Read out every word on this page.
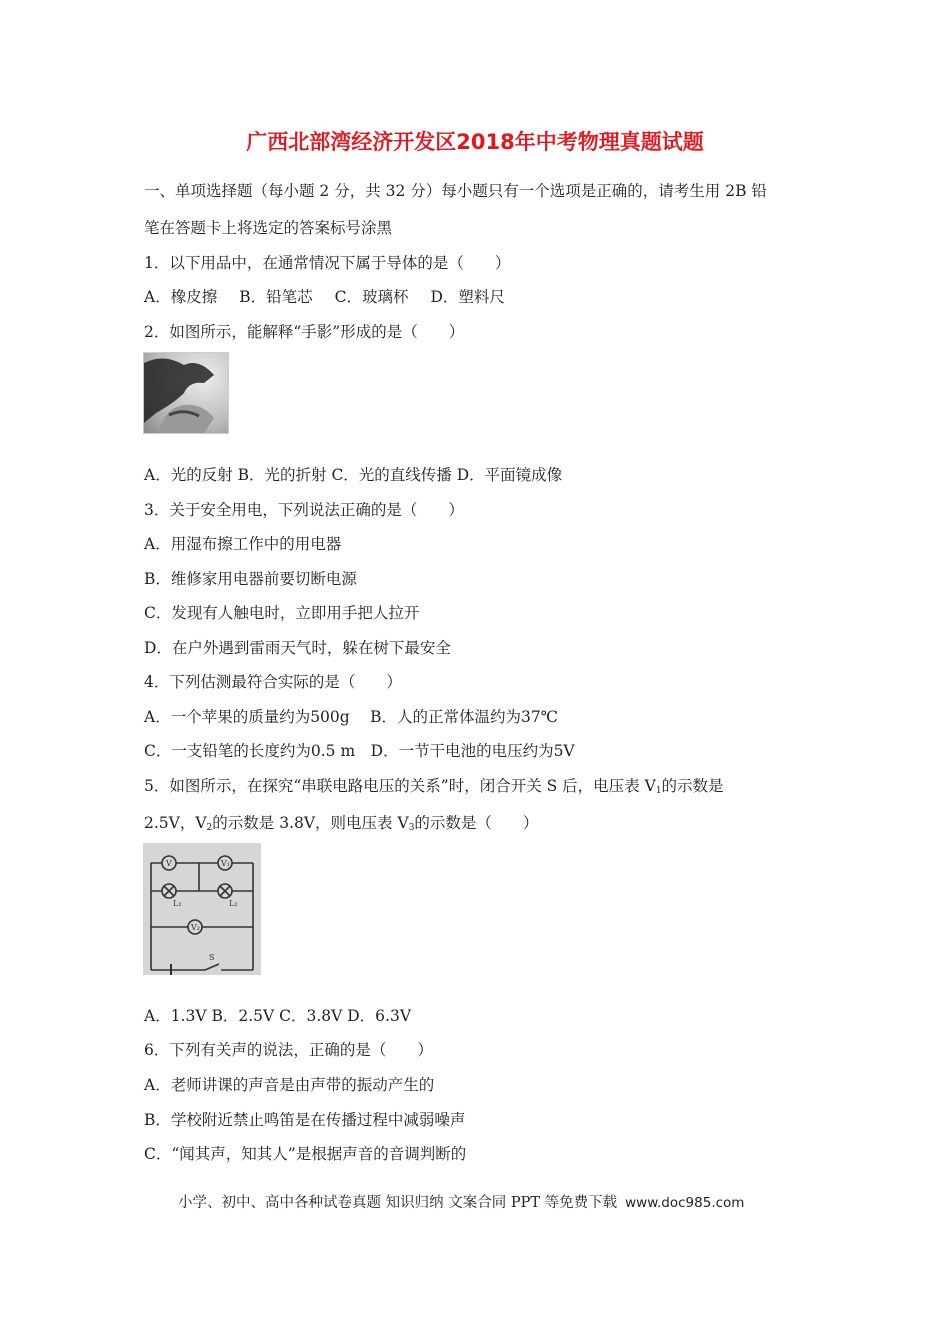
广西北部湾经济开发区2018年中考物理真题试题
一、单项选择题（每小题 2 分，共 32 分）每小题只有一个选项是正确的，请考生用 2B 铅
笔在答题卡上将选定的答案标号涂黑
1．以下用品中，在通常情况下属于导体的是（　　）
A．橡皮擦 B．铅笔芯 C．玻璃杯 D．塑料尺
2．如图所示，能解释“手影”形成的是（　　）
A．光的反射 B．光的折射 C．光的直线传播 D．平面镜成像
3．关于安全用电，下列说法正确的是（　　）
A．用湿布擦工作中的用电器
B．维修家用电器前要切断电源
C．发现有人触电时，立即用手把人拉开
D．在户外遇到雷雨天气时，躲在树下最安全
4．下列估测最符合实际的是（　　）
A．一个苹果的质量约为500g　 B．人的正常体温约为37℃
C．一支铅笔的长度约为0.5 m　D．一节干电池的电压约为5V
5．如图所示，在探究“串联电路电压的关系”时，闭合开关 S 后，电压表 $V_1$的示数是
2.5V，$V_2$的示数是 3.8V，则电压表 $V_3$的示数是（　　）
V	V₁
V₂
L₁	L₂
S
A．1.3V B．2.5V C．3.8V D．6.3V
6．下列有关声的说法，正确的是（　　）
A．老师讲课的声音是由声带的振动产生的
B．学校附近禁止鸣笛是在传播过程中减弱噪声
C．“闻其声，知其人”是根据声音的音调判断的
小学、初中、高中各种试卷真题 知识归纳 文案合同 PPT 等免费下载 www.doc985.com
